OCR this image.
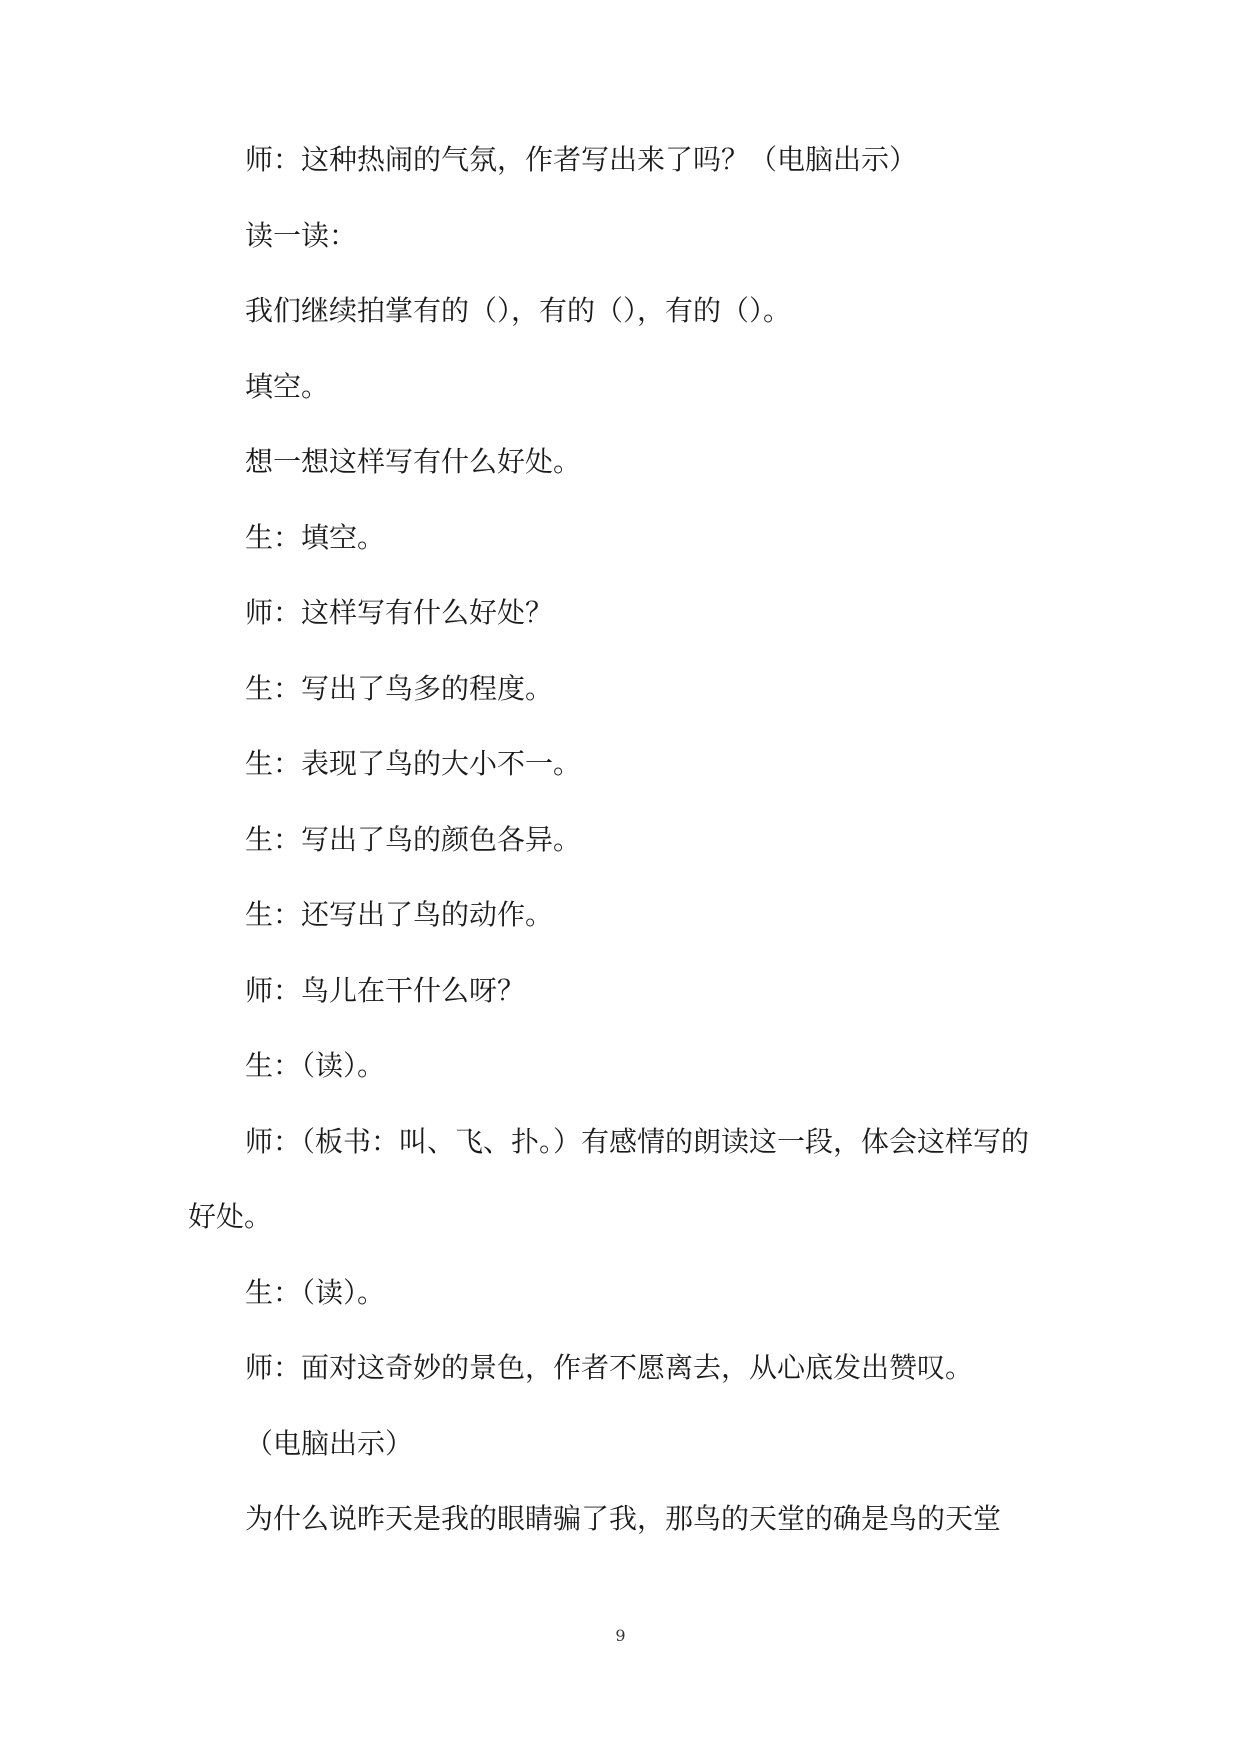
师：这种热闹的气氛，作者写出来了吗？（电脑出示）
读一读：
我们继续拍掌有的（），有的（），有的（）。
填空。
想一想这样写有什么好处。
生：填空。
师：这样写有什么好处？
生：写出了鸟多的程度。
生：表现了鸟的大小不一。
生：写出了鸟的颜色各异。
生：还写出了鸟的动作。
师：鸟儿在干什么呀？
生：（读）。
师：（板书：叫、飞、扑。）有感情的朗读这一段，体会这样写的
好处。
生：（读）。
师：面对这奇妙的景色，作者不愿离去，从心底发出赞叹。
（电脑出示）
为什么说昨天是我的眼睛骗了我，那鸟的天堂的确是鸟的天堂
9
